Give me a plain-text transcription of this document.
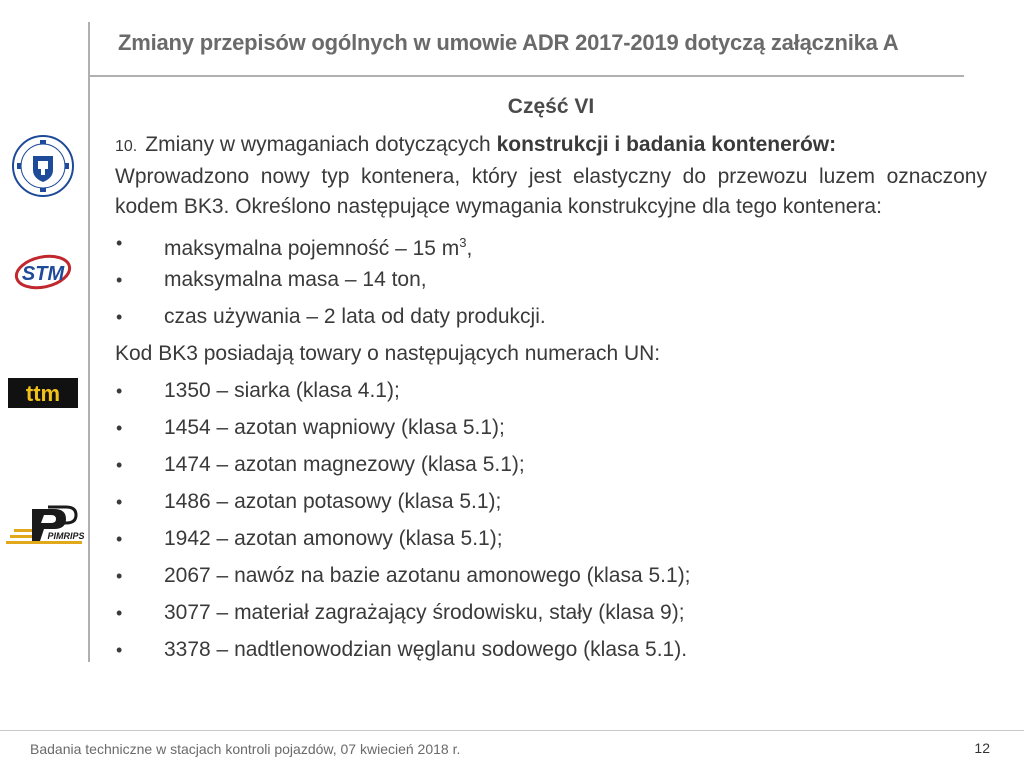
Zmiany przepisów ogólnych w umowie ADR 2017-2019 dotyczą załącznika A
STM
ttm
PIMRIPS
Część VI
10. Zmiany w wymaganiach dotyczących konstrukcji i badania kontenerów:
Wprowadzono nowy typ kontenera, który jest elastyczny do przewozu luzem oznaczony kodem BK3. Określono następujące wymagania konstrukcyjne dla tego kontenera:
•	maksymalna pojemność – 15 $m^3$,
•	maksymalna masa – 14 ton,
•	czas używania – 2 lata od daty produkcji.
Kod BK3 posiadają towary o następujących numerach UN:
•	1350 – siarka (klasa 4.1);
•	1454 – azotan wapniowy (klasa 5.1);
•	1474 – azotan magnezowy (klasa 5.1);
•	1486 – azotan potasowy (klasa 5.1);
•	1942 – azotan amonowy (klasa 5.1);
•	2067 – nawóz na bazie azotanu amonowego (klasa 5.1);
•	3077 – materiał zagrażający środowisku, stały (klasa 9);
•	3378 – nadtlenowodzian węglanu sodowego (klasa 5.1).
Badania techniczne w stacjach kontroli pojazdów, 07 kwiecień 2018 r.	12
